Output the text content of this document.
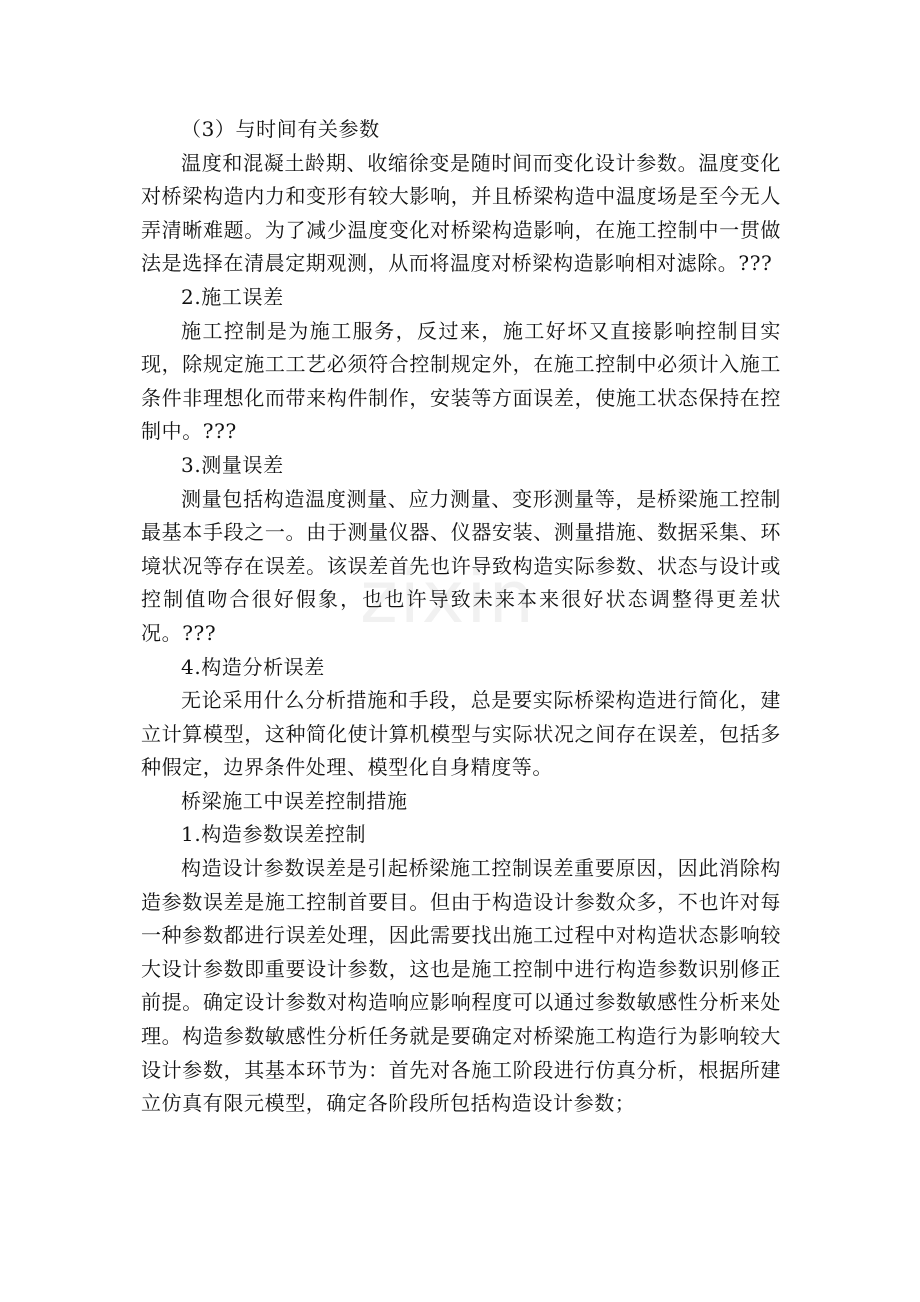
（3）与时间有关参数

温度和混凝土龄期、收缩徐变是随时间而变化设计参数。温度变化对桥梁构造内力和变形有较大影响，并且桥梁构造中温度场是至今无人弄清晰难题。为了减少温度变化对桥梁构造影响，在施工控制中一贯做法是选择在清晨定期观测，从而将温度对桥梁构造影响相对滤除。???

2.施工误差

施工控制是为施工服务，反过来，施工好坏又直接影响控制目实现，除规定施工工艺必须符合控制规定外，在施工控制中必须计入施工条件非理想化而带来构件制作，安装等方面误差，使施工状态保持在控制中。???

3.测量误差

测量包括构造温度测量、应力测量、变形测量等，是桥梁施工控制最基本手段之一。由于测量仪器、仪器安装、测量措施、数据采集、环境状况等存在误差。该误差首先也许导致构造实际参数、状态与设计或控制值吻合很好假象，也也许导致未来本来很好状态调整得更差状况。???

4.构造分析误差

无论采用什么分析措施和手段，总是要实际桥梁构造进行简化，建立计算模型，这种简化使计算机模型与实际状况之间存在误差，包括多种假定，边界条件处理、模型化自身精度等。

桥梁施工中误差控制措施

1.构造参数误差控制

构造设计参数误差是引起桥梁施工控制误差重要原因，因此消除构造参数误差是施工控制首要目。但由于构造设计参数众多，不也许对每一种参数都进行误差处理，因此需要找出施工过程中对构造状态影响较大设计参数即重要设计参数，这也是施工控制中进行构造参数识别修正前提。确定设计参数对构造响应影响程度可以通过参数敏感性分析来处理。构造参数敏感性分析任务就是要确定对桥梁施工构造行为影响较大设计参数，其基本环节为：首先对各施工阶段进行仿真分析，根据所建立仿真有限元模型，确定各阶段所包括构造设计参数；

zixin
